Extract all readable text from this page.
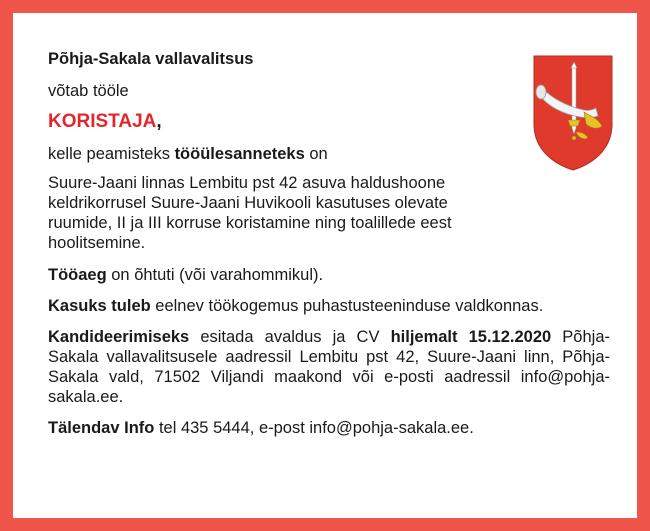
Põhja-Sakala vallavalitsus
võtab tööle
KORISTAJA,
kelle peamisteks tööülesanneteks on
Suure-Jaani linnas Lembitu pst 42 asuva haldushoone keldrikorrusel Suure-Jaani Huvikooli kasutuses olevate ruumide, II ja III korruse koristamine ning toalillede eest hoolitsemine.
Tööaeg on õhtuti (või varahommikul).
Kasuks tuleb eelnev töökogemus puhastusteeninduse valdkonnas.
Kandideerimiseks esitada avaldus ja CV hiljemalt 15.12.2020 Põhja-Sakala vallavalitsusele aadressil Lembitu pst 42, Suure-Jaani linn, Põhja-Sakala vald, 71502 Viljandi maakond või e-posti aadressil info@pohja-sakala.ee.
Tälendav Info tel 435 5444, e-post info@pohja-sakala.ee.
